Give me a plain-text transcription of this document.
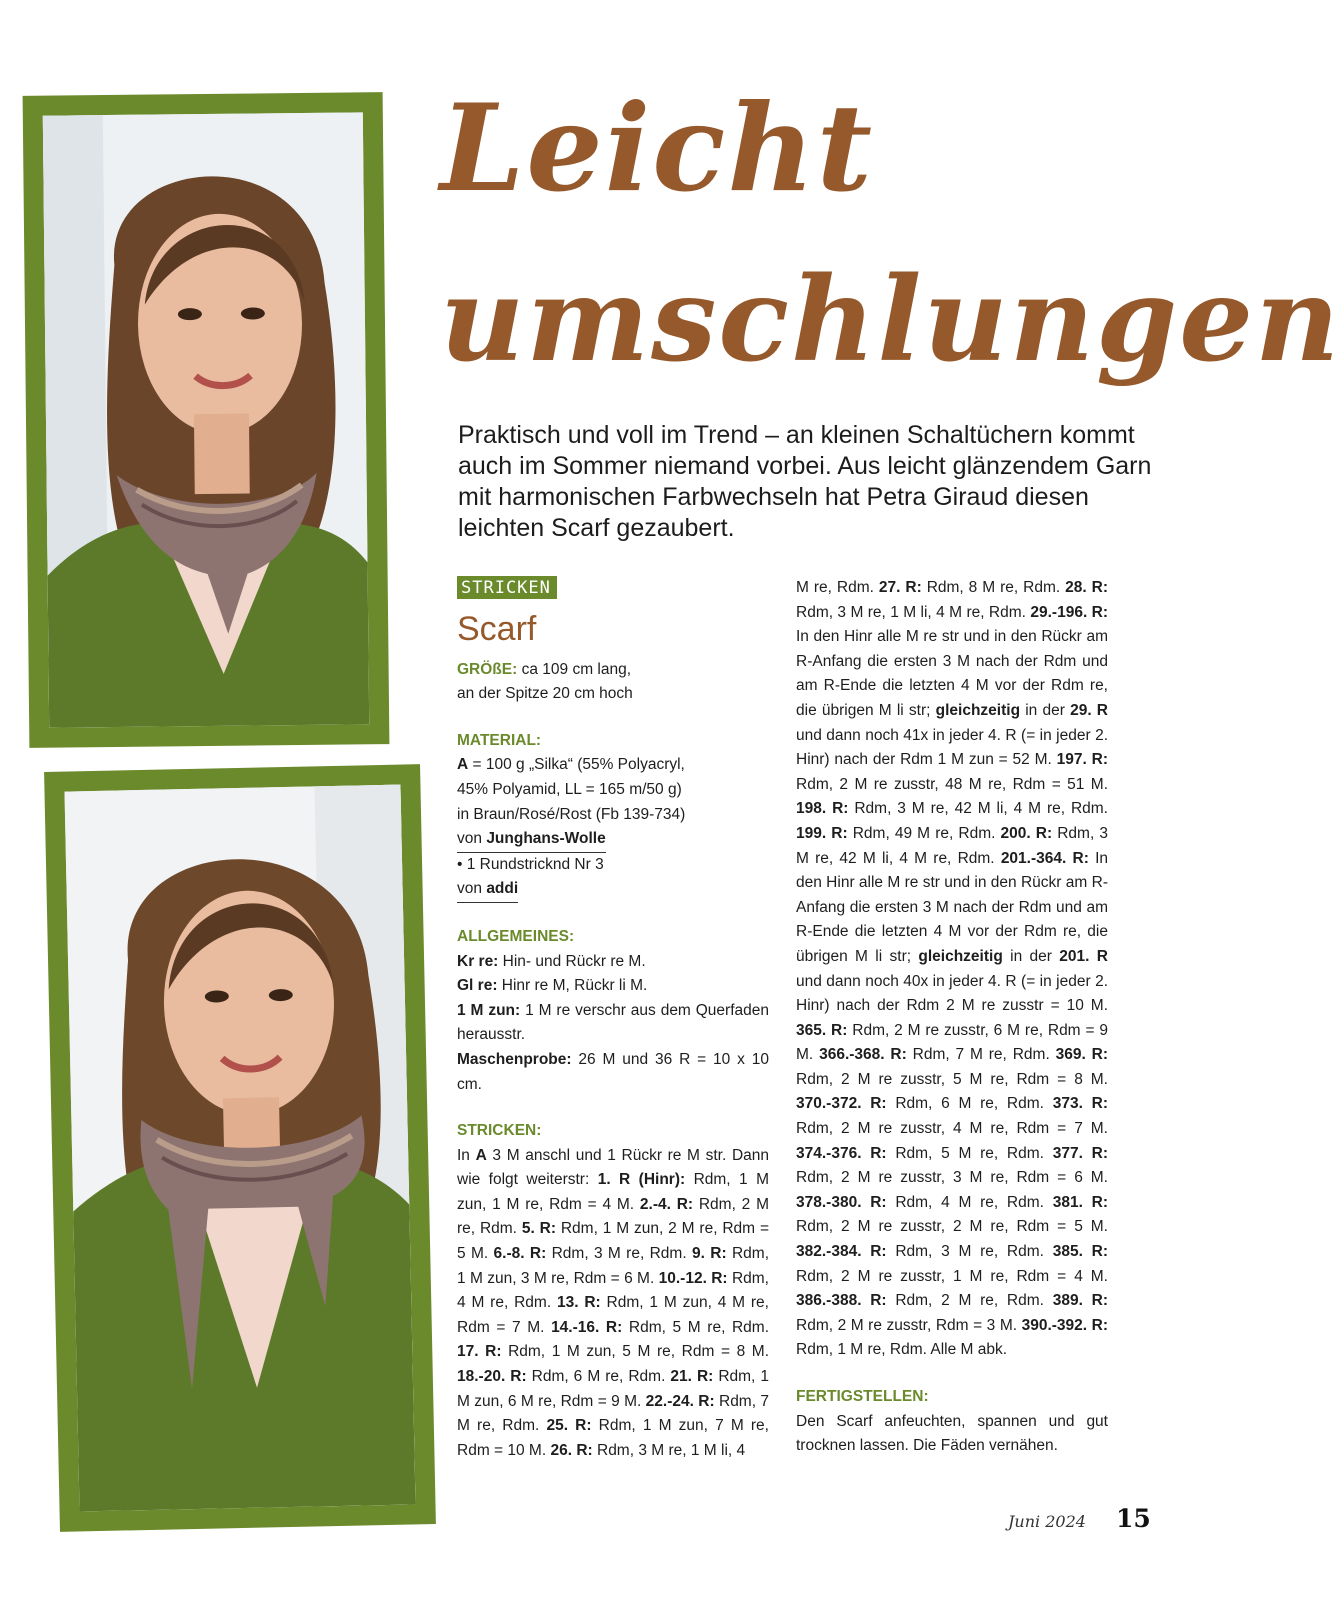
Leicht
umschlungen
Praktisch und voll im Trend – an kleinen Schaltüchern kommt auch im Sommer niemand vorbei. Aus leicht glänzendem Garn mit harmonischen Farbwechseln hat Petra Giraud diesen leichten Scarf gezaubert.
STRICKEN
Scarf
GRÖßE: ca 109 cm lang,
an der Spitze 20 cm hoch
MATERIAL:
A = 100 g „Silka“ (55% Polyacryl,
45% Polyamid, LL = 165 m/50 g)
in Braun/Rosé/Rost (Fb 139-734)
von Junghans-Wolle
• 1 Rundstricknd Nr 3
von addi
ALLGEMEINES:
Kr re: Hin- und Rückr re M.
Gl re: Hinr re M, Rückr li M.
1 M zun: 1 M re verschr aus dem Querfaden herausstr.
Maschenprobe: 26 M und 36 R = 10 x 10 cm.
STRICKEN:
In A 3 M anschl und 1 Rückr re M str. Dann wie folgt weiterstr: 1. R (Hinr): Rdm, 1 M zun, 1 M re, Rdm = 4 M. 2.-4. R: Rdm, 2 M re, Rdm. 5. R: Rdm, 1 M zun, 2 M re, Rdm = 5 M. 6.-8. R: Rdm, 3 M re, Rdm. 9. R: Rdm, 1 M zun, 3 M re, Rdm = 6 M. 10.-12. R: Rdm, 4 M re, Rdm. 13. R: Rdm, 1 M zun, 4 M re, Rdm = 7 M. 14.-16. R: Rdm, 5 M re, Rdm. 17. R: Rdm, 1 M zun, 5 M re, Rdm = 8 M. 18.-20. R: Rdm, 6 M re, Rdm. 21. R: Rdm, 1 M zun, 6 M re, Rdm = 9 M. 22.-24. R: Rdm, 7 M re, Rdm. 25. R: Rdm, 1 M zun, 7 M re, Rdm = 10 M. 26. R: Rdm, 3 M re, 1 M li, 4
M re, Rdm. 27. R: Rdm, 8 M re, Rdm. 28. R: Rdm, 3 M re, 1 M li, 4 M re, Rdm. 29.-196. R: In den Hinr alle M re str und in den Rückr am R-Anfang die ersten 3 M nach der Rdm und am R-Ende die letzten 4 M vor der Rdm re, die übrigen M li str; gleichzeitig in der 29. R und dann noch 41x in jeder 4. R (= in jeder 2. Hinr) nach der Rdm 1 M zun = 52 M. 197. R: Rdm, 2 M re zusstr, 48 M re, Rdm = 51 M. 198. R: Rdm, 3 M re, 42 M li, 4 M re, Rdm. 199. R: Rdm, 49 M re, Rdm. 200. R: Rdm, 3 M re, 42 M li, 4 M re, Rdm. 201.-364. R: In den Hinr alle M re str und in den Rückr am R-Anfang die ersten 3 M nach der Rdm und am R-Ende die letzten 4 M vor der Rdm re, die übrigen M li str; gleichzeitig in der 201. R und dann noch 40x in jeder 4. R (= in jeder 2. Hinr) nach der Rdm 2 M re zusstr = 10 M. 365. R: Rdm, 2 M re zusstr, 6 M re, Rdm = 9 M. 366.-368. R: Rdm, 7 M re, Rdm. 369. R: Rdm, 2 M re zusstr, 5 M re, Rdm = 8 M. 370.-372. R: Rdm, 6 M re, Rdm. 373. R: Rdm, 2 M re zusstr, 4 M re, Rdm = 7 M. 374.-376. R: Rdm, 5 M re, Rdm. 377. R: Rdm, 2 M re zusstr, 3 M re, Rdm = 6 M. 378.-380. R: Rdm, 4 M re, Rdm. 381. R: Rdm, 2 M re zusstr, 2 M re, Rdm = 5 M. 382.-384. R: Rdm, 3 M re, Rdm. 385. R: Rdm, 2 M re zusstr, 1 M re, Rdm = 4 M. 386.-388. R: Rdm, 2 M re, Rdm. 389. R: Rdm, 2 M re zusstr, Rdm = 3 M. 390.-392. R: Rdm, 1 M re, Rdm. Alle M abk.
FERTIGSTELLEN:
Den Scarf anfeuchten, spannen und gut trocknen lassen. Die Fäden vernähen.
Juni 2024 15
